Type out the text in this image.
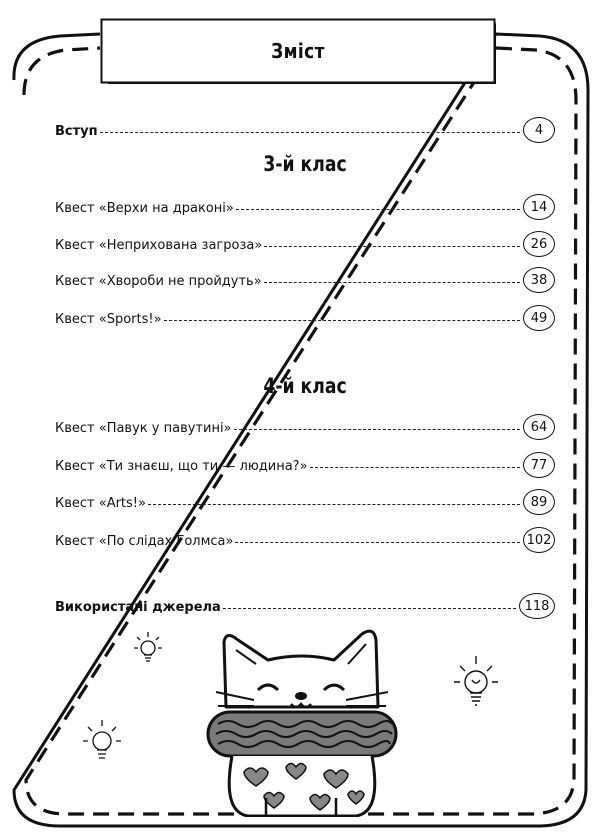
Зміст
Вступ	4
3-й клас
Квест «Верхи на драконі»	14
Квест «Неприхована загроза»	26
Квест «Хвороби не пройдуть»	38
Квест «Sports!»	49
4-й клас
Квест «Павук у павутині»	64
Квест «Ти знаєш, що ти — людина?»	77
Квест «Arts!»	89
Квест «По слідах Голмса»	102
Використані джерела	118
